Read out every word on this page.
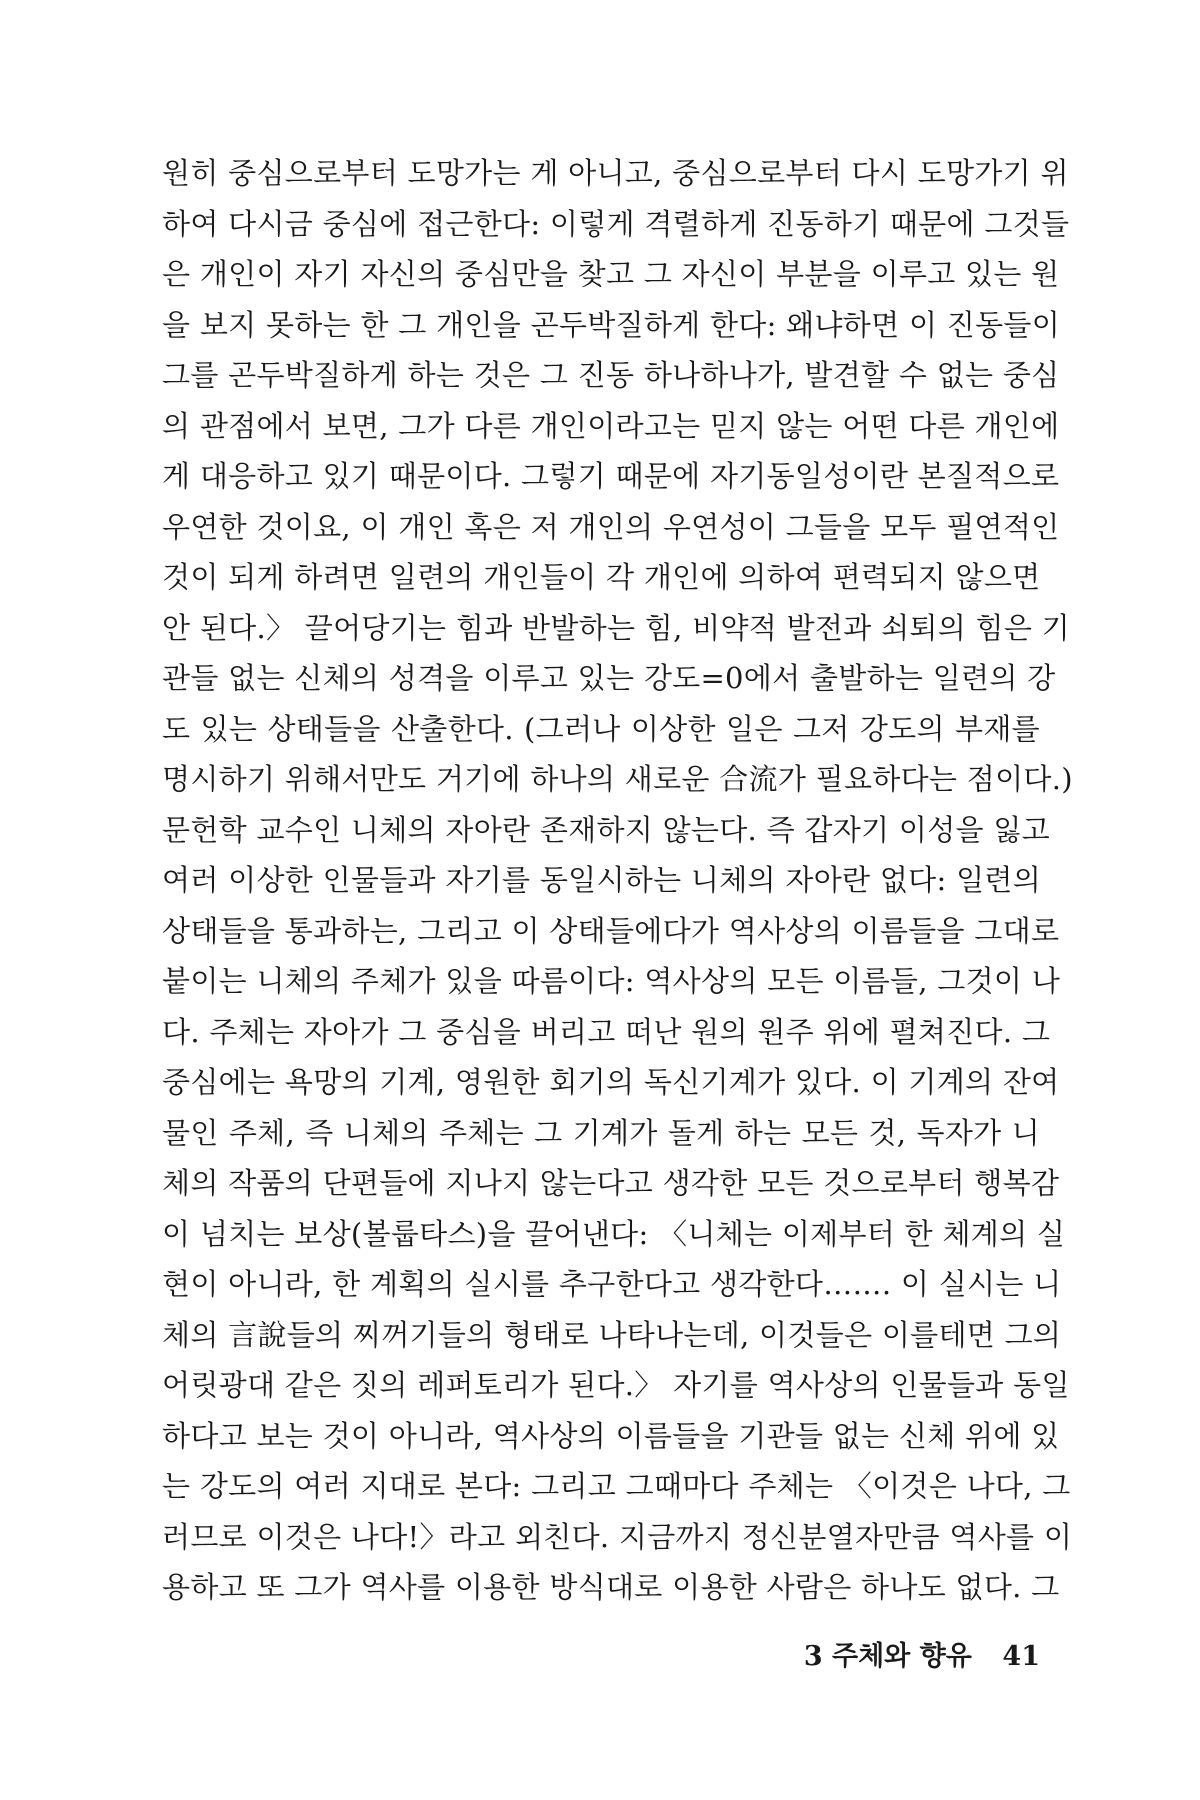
원히 중심으로부터 도망가는 게 아니고, 중심으로부터 다시 도망가기 위
하여 다시금 중심에 접근한다: 이렇게 격렬하게 진동하기 때문에 그것들
은 개인이 자기 자신의 중심만을 찾고 그 자신이 부분을 이루고 있는 원
을 보지 못하는 한 그 개인을 곤두박질하게 한다: 왜냐하면 이 진동들이
그를 곤두박질하게 하는 것은 그 진동 하나하나가, 발견할 수 없는 중심
의 관점에서 보면, 그가 다른 개인이라고는 믿지 않는 어떤 다른 개인에
게 대응하고 있기 때문이다. 그렇기 때문에 자기동일성이란 본질적으로
우연한 것이요, 이 개인 혹은 저 개인의 우연성이 그들을 모두 필연적인
것이 되게 하려면 일련의 개인들이 각 개인에 의하여 편력되지 않으면
안 된다.〉 끌어당기는 힘과 반발하는 힘, 비약적 발전과 쇠퇴의 힘은 기
관들 없는 신체의 성격을 이루고 있는 강도=0에서 출발하는 일련의 강
도 있는 상태들을 산출한다. (그러나 이상한 일은 그저 강도의 부재를
명시하기 위해서만도 거기에 하나의 새로운 合流가 필요하다는 점이다.)
문헌학 교수인 니체의 자아란 존재하지 않는다. 즉 갑자기 이성을 잃고
여러 이상한 인물들과 자기를 동일시하는 니체의 자아란 없다: 일련의
상태들을 통과하는, 그리고 이 상태들에다가 역사상의 이름들을 그대로
붙이는 니체의 주체가 있을 따름이다: 역사상의 모든 이름들, 그것이 나
다. 주체는 자아가 그 중심을 버리고 떠난 원의 원주 위에 펼쳐진다. 그
중심에는 욕망의 기계, 영원한 회기의 독신기계가 있다. 이 기계의 잔여
물인 주체, 즉 니체의 주체는 그 기계가 돌게 하는 모든 것, 독자가 니
체의 작품의 단편들에 지나지 않는다고 생각한 모든 것으로부터 행복감
이 넘치는 보상(볼룹타스)을 끌어낸다: 〈니체는 이제부터 한 체계의 실
현이 아니라, 한 계획의 실시를 추구한다고 생각한다……. 이 실시는 니
체의 言說들의 찌꺼기들의 형태로 나타나는데, 이것들은 이를테면 그의
어릿광대 같은 짓의 레퍼토리가 된다.〉 자기를 역사상의 인물들과 동일
하다고 보는 것이 아니라, 역사상의 이름들을 기관들 없는 신체 위에 있
는 강도의 여러 지대로 본다: 그리고 그때마다 주체는 〈이것은 나다, 그
러므로 이것은 나다!〉라고 외친다. 지금까지 정신분열자만큼 역사를 이
용하고 또 그가 역사를 이용한 방식대로 이용한 사람은 하나도 없다. 그
3 주체와 향유 41
